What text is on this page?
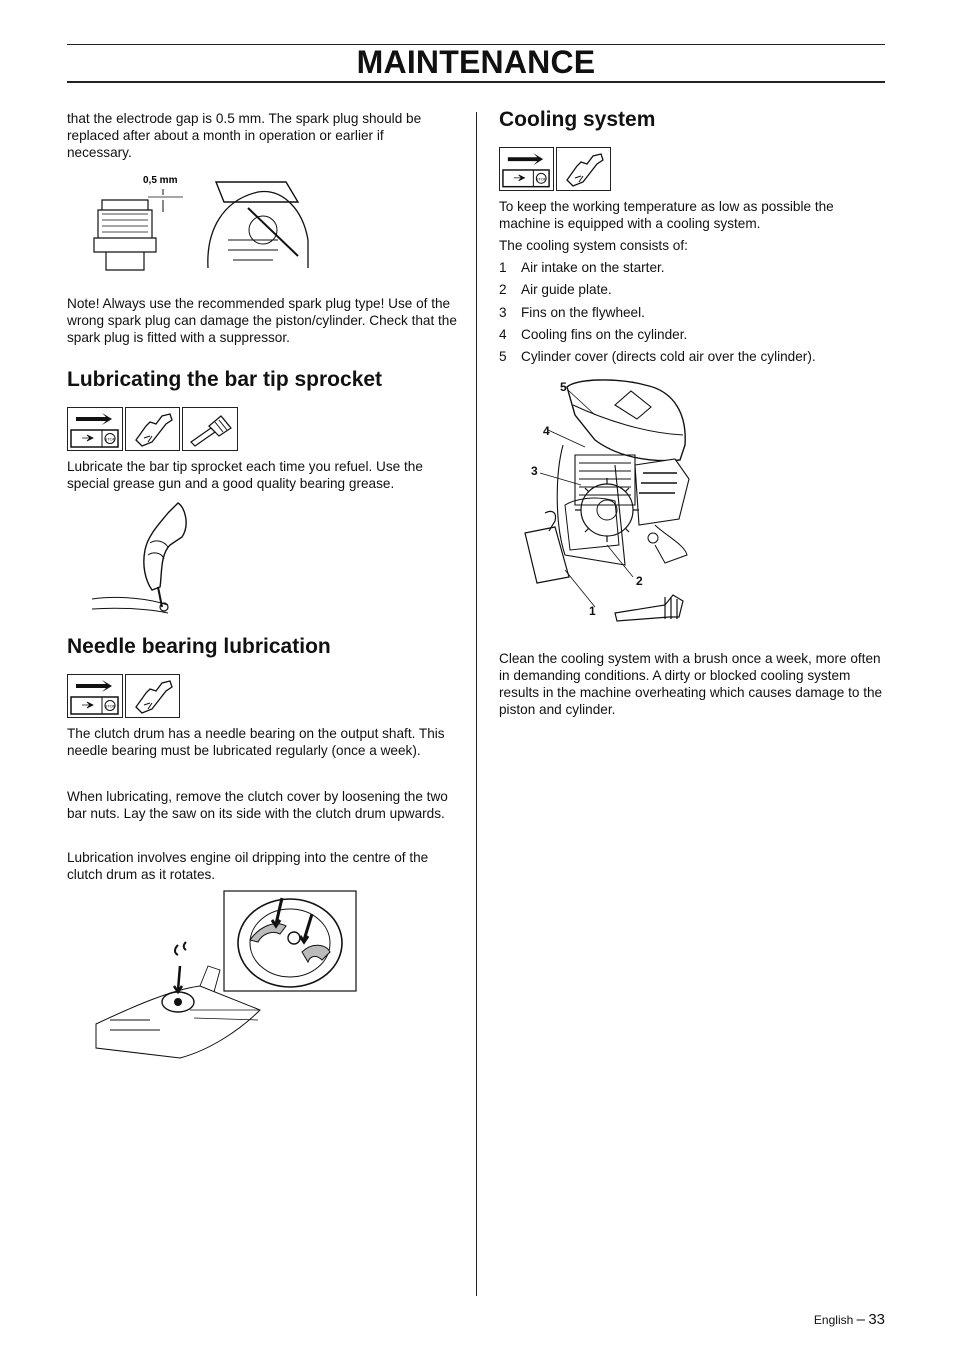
MAINTENANCE

that the electrode gap is 0.5 mm. The spark plug should be replaced after about a month in operation or earlier if necessary.

0,5 mm

Note! Always use the recommended spark plug type! Use of the wrong spark plug can damage the piston/cylinder. Check that the spark plug is fitted with a suppressor.

Lubricating the bar tip sprocket
STOP

Lubricate the bar tip sprocket each time you refuel. Use the special grease gun and a good quality bearing grease.

Needle bearing lubrication
STOP

The clutch drum has a needle bearing on the output shaft. This needle bearing must be lubricated regularly (once a week).

When lubricating, remove the clutch cover by loosening the two bar nuts. Lay the saw on its side with the clutch drum upwards.

Lubrication involves engine oil dripping into the centre of the clutch drum as it rotates.

Cooling system
STOP

To keep the working temperature as low as possible the machine is equipped with a cooling system.

The cooling system consists of:

1	Air intake on the starter.
2	Air guide plate.
3	Fins on the flywheel.
4	Cooling fins on the cylinder.
5	Cylinder cover (directs cold air over the cylinder).
5
4
3
2
1

Clean the cooling system with a brush once a week, more often in demanding conditions. A dirty or blocked cooling system results in the machine overheating which causes damage to the piston and cylinder.

English – 33
